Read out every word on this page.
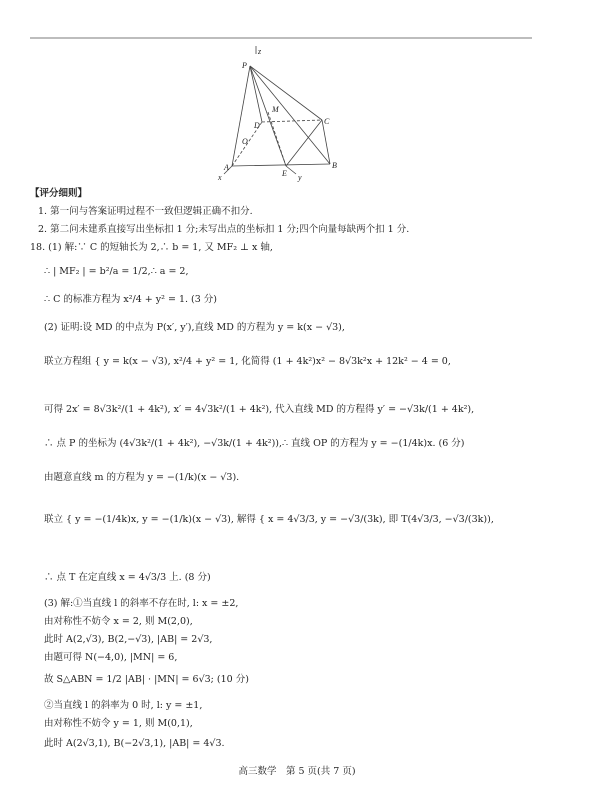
z
P
M
C
D
O
A
E
B
x	y
【评分细则】
1. 第一问与答案证明过程不一致但逻辑正确不扣分.
2. 第二问未建系直接写出坐标扣 1 分;未写出点的坐标扣 1 分;四个向量每缺两个扣 1 分.
18. (1) 解:∵ C 的短轴长为 2,∴ b = 1, 又 MF₂ ⊥ x 轴,
∴ | MF₂ | = b²/a = 1/2,∴ a = 2,
∴ C 的标准方程为 x²/4 + y² = 1. (3 分)
(2) 证明:设 MD 的中点为 P(x′, y′),直线 MD 的方程为 y = k(x − √3),
联立方程组 { y = k(x − √3), x²/4 + y² = 1, 化简得 (1 + 4k²)x² − 8√3k²x + 12k² − 4 = 0,
可得 2x′ = 8√3k²/(1 + 4k²), x′ = 4√3k²/(1 + 4k²), 代入直线 MD 的方程得 y′ = −√3k/(1 + 4k²),
∴ 点 P 的坐标为 (4√3k²/(1 + 4k²), −√3k/(1 + 4k²)),∴ 直线 OP 的方程为 y = −(1/4k)x. (6 分)
由题意直线 m 的方程为 y = −(1/k)(x − √3).
联立 { y = −(1/4k)x, y = −(1/k)(x − √3), 解得 { x = 4√3/3, y = −√3/(3k), 即 T(4√3/3, −√3/(3k)),
∴ 点 T 在定直线 x = 4√3/3 上. (8 分)
(3) 解:①当直线 l 的斜率不存在时, l: x = ±2,
由对称性不妨令 x = 2, 则 M(2,0),
此时 A(2,√3), B(2,−√3), |AB| = 2√3,
由题可得 N(−4,0), |MN| = 6,
故 S△ABN = 1/2 |AB| · |MN| = 6√3; (10 分)
②当直线 l 的斜率为 0 时, l: y = ±1,
由对称性不妨令 y = 1, 则 M(0,1),
此时 A(2√3,1), B(−2√3,1), |AB| = 4√3.
高三数学　第 5 页(共 7 页)
